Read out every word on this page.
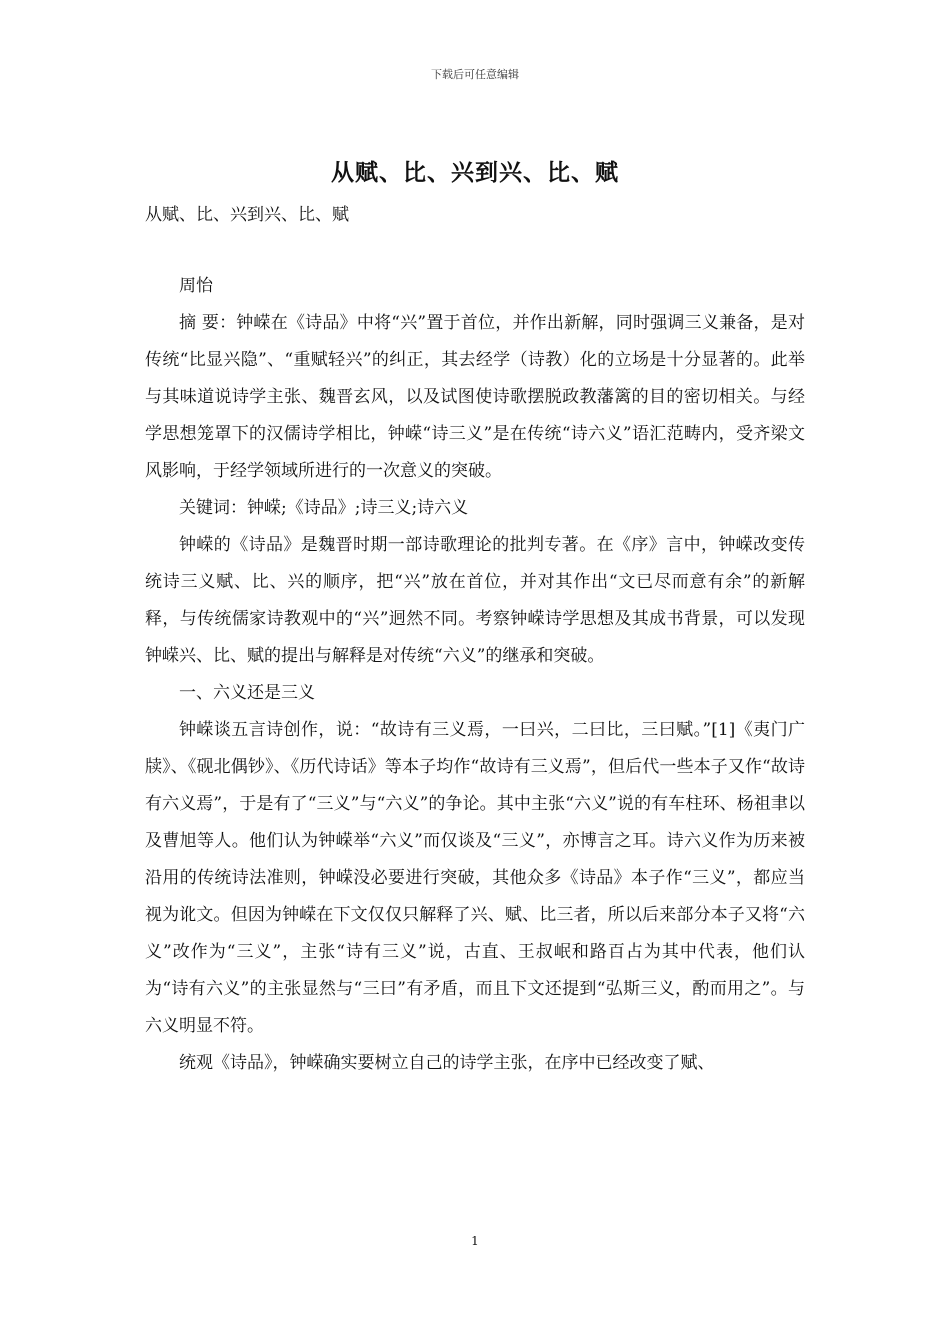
下载后可任意编辑
从赋、比、兴到兴、比、赋
从赋、比、兴到兴、比、赋

周怡

摘 要：钟嵘在《诗品》中将“兴”置于首位，并作出新解，同时强调三义兼备，是对传统“比显兴隐”、“重赋轻兴”的纠正，其去经学（诗教）化的立场是十分显著的。此举与其味道说诗学主张、魏晋玄风，以及试图使诗歌摆脱政教藩篱的目的密切相关。与经学思想笼罩下的汉儒诗学相比，钟嵘“诗三义”是在传统“诗六义”语汇范畴内，受齐梁文风影响，于经学领域所进行的一次意义的突破。

关键词：钟嵘;《诗品》;诗三义;诗六义

钟嵘的《诗品》是魏晋时期一部诗歌理论的批判专著。在《序》言中，钟嵘改变传统诗三义赋、比、兴的顺序，把“兴”放在首位，并对其作出“文已尽而意有余”的新解释，与传统儒家诗教观中的“兴”迥然不同。考察钟嵘诗学思想及其成书背景，可以发现钟嵘兴、比、赋的提出与解释是对传统“六义”的继承和突破。

一、六义还是三义

钟嵘谈五言诗创作，说：“故诗有三义焉，一曰兴，二曰比，三曰赋。”[1]《夷门广牍》、《砚北偶钞》、《历代诗话》等本子均作“故诗有三义焉”，但后代一些本子又作“故诗有六义焉”，于是有了“三义”与“六义”的争论。其中主张“六义”说的有车柱环、杨祖聿以及曹旭等人。他们认为钟嵘举“六义”而仅谈及“三义”，亦博言之耳。诗六义作为历来被沿用的传统诗法准则，钟嵘没必要进行突破，其他众多《诗品》本子作“三义”，都应当视为讹文。但因为钟嵘在下文仅仅只解释了兴、赋、比三者，所以后来部分本子又将“六义”改作为“三义”，主张“诗有三义”说，古直、王叔岷和路百占为其中代表，他们认为“诗有六义”的主张显然与“三曰”有矛盾，而且下文还提到“弘斯三义，酌而用之”。与六义明显不符。

统观《诗品》，钟嵘确实要树立自己的诗学主张，在序中已经改变了赋、

1
